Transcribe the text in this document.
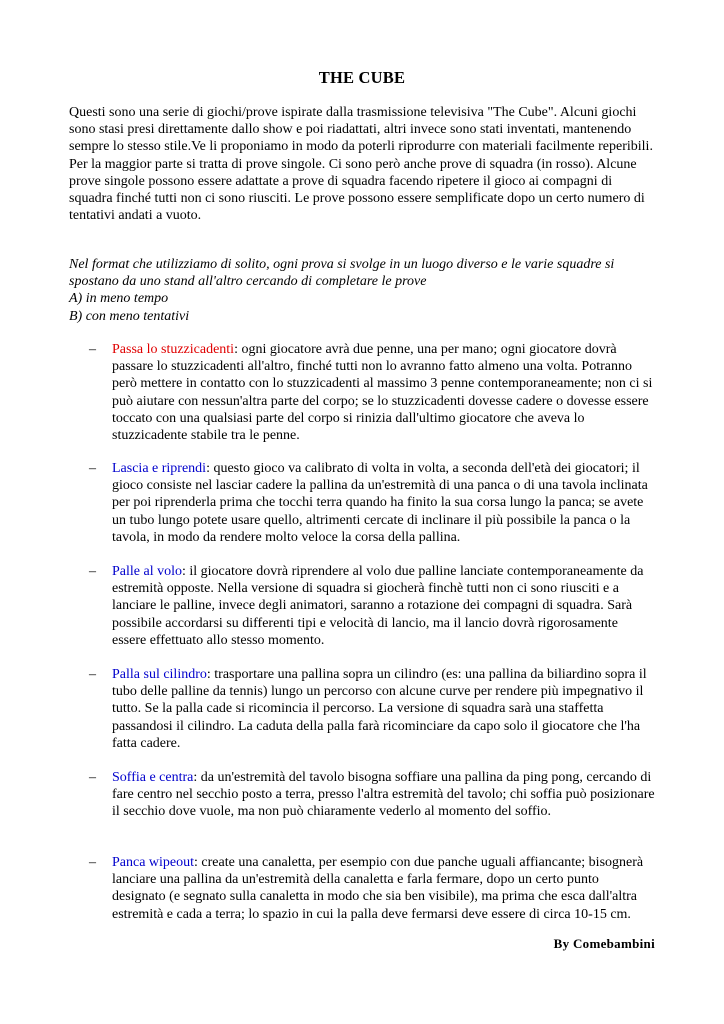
THE CUBE

Questi sono una serie di giochi/prove ispirate dalla trasmissione televisiva "The Cube". Alcuni giochi sono stasi presi direttamente dallo show e poi riadattati, altri invece sono stati inventati, mantenendo sempre lo stesso stile.Ve li proponiamo in modo da poterli riprodurre con materiali facilmente reperibili.

Per la maggior parte si tratta di prove singole. Ci sono però anche prove di squadra (in rosso). Alcune prove singole possono essere adattate a prove di squadra facendo ripetere il gioco ai compagni di squadra finché tutti non ci sono riusciti. Le prove possono essere semplificate dopo un certo numero di tentativi andati a vuoto.

Nel format che utilizziamo di solito, ogni prova si svolge in un luogo diverso e le varie squadre si spostano da uno stand all'altro cercando di completare le prove

A) in meno tempo

B) con meno tentativi

– Passa lo stuzzicadenti: ogni giocatore avrà due penne, una per mano; ogni giocatore dovrà passare lo stuzzicadenti all'altro, finché tutti non lo avranno fatto almeno una volta. Potranno però mettere in contatto con lo stuzzicadenti al massimo 3 penne contemporaneamente; non ci si può aiutare con nessun'altra parte del corpo; se lo stuzzicadenti dovesse cadere o dovesse essere toccato con una qualsiasi parte del corpo si rinizia dall'ultimo giocatore che aveva lo stuzzicadente stabile tra le penne.

– Lascia e riprendi: questo gioco va calibrato di volta in volta, a seconda dell'età dei giocatori; il gioco consiste nel lasciar cadere la pallina da un'estremità di una panca o di una tavola inclinata per poi riprenderla prima che tocchi terra quando ha finito la sua corsa lungo la panca; se avete un tubo lungo potete usare quello, altrimenti cercate di inclinare il più possibile la panca o la tavola, in modo da rendere molto veloce la corsa della pallina.

– Palle al volo: il giocatore dovrà riprendere al volo due palline lanciate contemporaneamente da estremità opposte. Nella versione di squadra si giocherà finchè tutti non ci sono riusciti e a lanciare le palline, invece degli animatori, saranno a rotazione dei compagni di squadra. Sarà possibile accordarsi su differenti tipi e velocità di lancio, ma il lancio dovrà rigorosamente essere effettuato allo stesso momento.

– Palla sul cilindro: trasportare una pallina sopra un cilindro (es: una pallina da biliardino sopra il tubo delle palline da tennis) lungo un percorso con alcune curve per rendere più impegnativo il tutto. Se la palla cade si ricomincia il percorso. La versione di squadra sarà una staffetta passandosi il cilindro. La caduta della palla farà ricominciare da capo solo il giocatore che l'ha fatta cadere.

– Soffia e centra: da un'estremità del tavolo bisogna soffiare una pallina da ping pong, cercando di fare centro nel secchio posto a terra, presso l'altra estremità del tavolo; chi soffia può posizionare il secchio dove vuole, ma non può chiaramente vederlo al momento del soffio.

– Panca wipeout: create una canaletta, per esempio con due panche uguali affiancante; bisognerà lanciare una pallina da un'estremità della canaletta e farla fermare, dopo un certo punto designato (e segnato sulla canaletta in modo che sia ben visibile), ma prima che esca dall'altra estremità e cada a terra; lo spazio in cui la palla deve fermarsi deve essere di circa 10-15 cm.

By Comebambini
